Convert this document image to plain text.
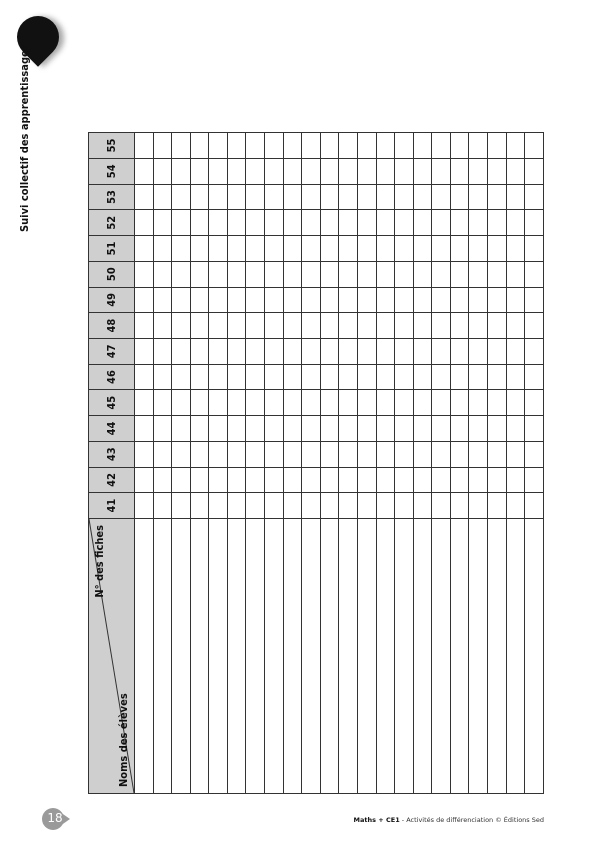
Suivi collectif des apprentissages
N° des fiches
Noms des élèves	41	42	43	44	45	46	47	48	49	50	51	52	53	54	55

18	Maths + CE1 - Activités de différenciation © Éditions Sed
